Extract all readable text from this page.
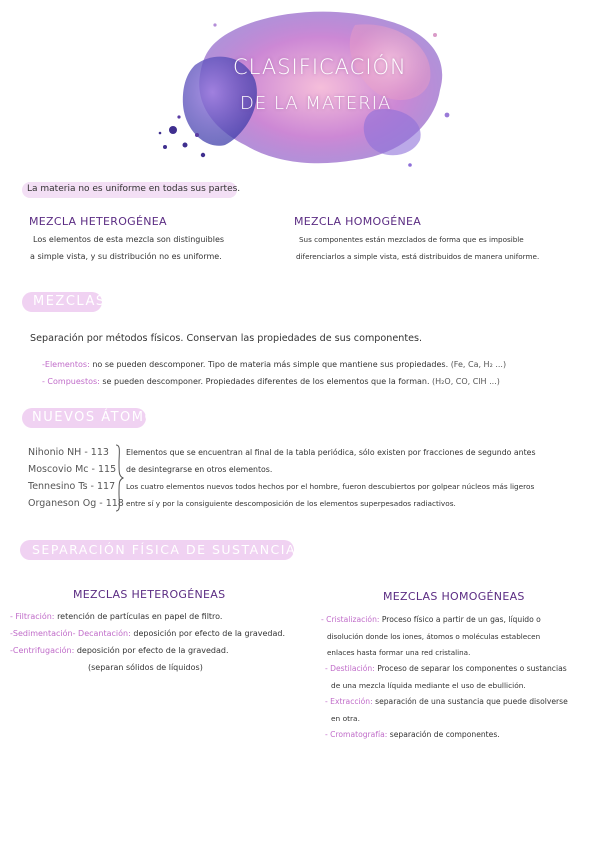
CLASIFICACIÓN
DE LA MATERIA
La materia no es uniforme en todas sus partes.
MEZCLA HETEROGÉNEA
Los elementos de esta mezcla son distinguibles
a simple vista, y su distribución no es uniforme.
MEZCLA HOMOGÉNEA
Sus componentes están mezclados de forma que es imposible
diferenciarlos a simple vista, está distribuidos de manera uniforme.
MEZCLAS
Separación por métodos físicos. Conservan las propiedades de sus componentes.
-Elementos: no se pueden descomponer. Tipo de materia más simple que mantiene sus propiedades. (Fe, Ca, H₂ ...)
- Compuestos: se pueden descomponer. Propiedades diferentes de los elementos que la forman. (H₂O, CO, ClH ...)
NUEVOS ÁTOMOS
Nihonio NH - 113
Moscovio Mc - 115
Tennesino Ts - 117
Organeson Og - 118
Elementos que se encuentran al final de la tabla periódica, sólo existen por fracciones de segundo antes
de desintegrarse en otros elementos.
Los cuatro elementos nuevos todos hechos por el hombre, fueron descubiertos por golpear núcleos más ligeros
entre sí y por la consiguiente descomposición de los elementos superpesados radiactivos.
SEPARACIÓN FÍSICA DE SUSTANCIAS
MEZCLAS HETEROGÉNEAS	MEZCLAS HOMOGÉNEAS
- Filtración: retención de partículas en papel de filtro.
-Sedimentación- Decantación: deposición por efecto de la gravedad.
-Centrifugación: deposición por efecto de la gravedad.
(separan sólidos de líquidos)
- Cristalización: Proceso físico a partir de un gas, líquido o
disolución donde los iones, átomos o moléculas establecen
enlaces hasta formar una red cristalina.
- Destilación: Proceso de separar los componentes o sustancias
de una mezcla líquida mediante el uso de ebullición.
- Extracción: separación de una sustancia que puede disolverse
en otra.
- Cromatografía: separación de componentes.
